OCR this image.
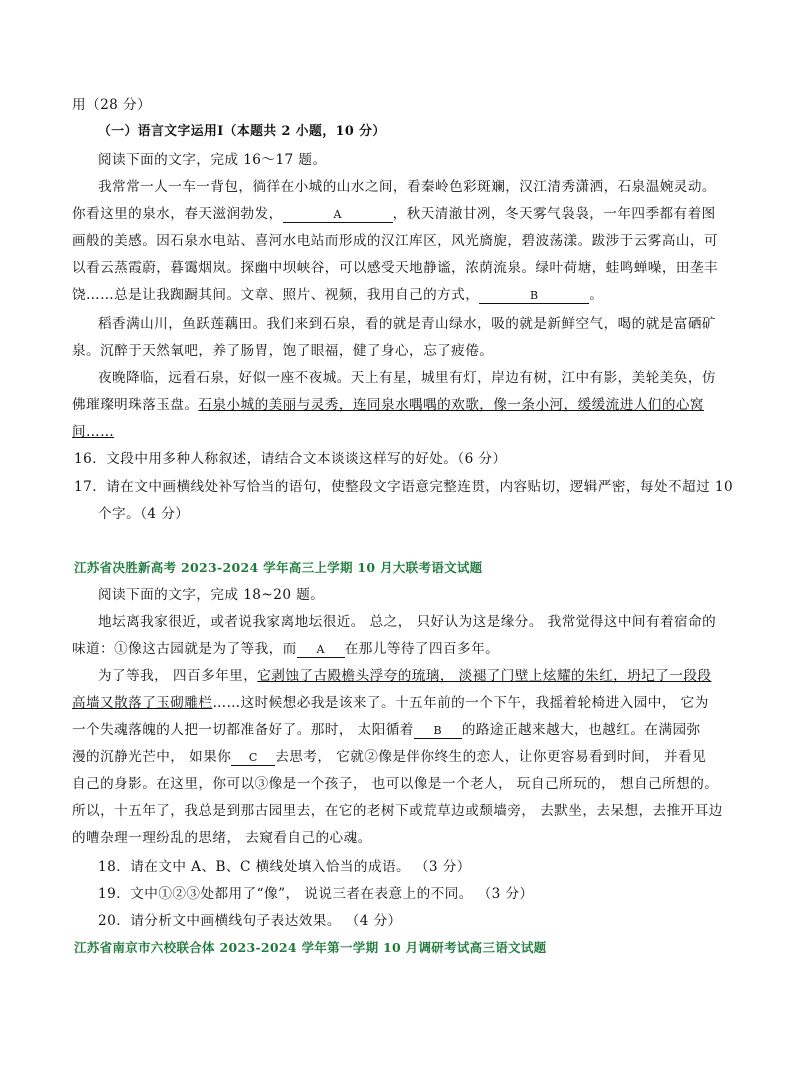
用（28 分）
（一）语言文字运用Ⅰ（本题共 2 小题，10 分）
阅读下面的文字，完成 16～17 题。
我常常一人一车一背包，徜徉在小城的山水之间，看秦岭色彩斑斓，汉江清秀潇洒，石泉温婉灵动。
你看这里的泉水，春天滋润勃发，	A	，秋天清澈甘冽，冬天雾气袅袅，一年四季都有着图
画般的美感。因石泉水电站、喜河水电站而形成的汉江库区，风光旖旎，碧波荡漾。跋涉于云雾高山，可
以看云蒸霞蔚，暮霭烟岚。探幽中坝峡谷，可以感受天地静谧，浓荫流泉。绿叶荷塘，蛙鸣蝉噪，田垄丰
饶……总是让我踟蹰其间。文章、照片、视频，我用自己的方式，	B	。
稻香满山川，鱼跃莲藕田。我们来到石泉，看的就是青山绿水，吸的就是新鲜空气，喝的就是富硒矿
泉。沉醉于天然氧吧，养了肠胃，饱了眼福，健了身心，忘了疲倦。
夜晚降临，远看石泉，好似一座不夜城。天上有星，城里有灯，岸边有树，江中有影，美轮美奂，仿
佛璀璨明珠落玉盘。石泉小城的美丽与灵秀，连同泉水喁喁的欢歌，像一条小河，缓缓流进人们的心窝
间……
16．文段中用多种人称叙述，请结合文本谈谈这样写的好处。（6 分）
17．请在文中画横线处补写恰当的语句，使整段文字语意完整连贯，内容贴切，逻辑严密，每处不超过 10
个字。（4 分）
江苏省决胜新高考 2023-2024 学年高三上学期 10 月大联考语文试题
阅读下面的文字，完成 18~20 题。
地坛离我家很近，或者说我家离地坛很近。 总之， 只好认为这是缘分。 我常觉得这中间有着宿命的
味道：①像这古园就是为了等我，而 A 在那儿等待了四百多年。
为了等我， 四百多年里，它剥蚀了古殿檐头浮夸的琉璃， 淡褪了门壁上炫耀的朱红，坍圮了一段段
高墙又散落了玉砌雕栏……这时候想必我是该来了。十五年前的一个下午，我摇着轮椅进入园中， 它为
一个失魂落魄的人把一切都准备好了。那时， 太阳循着 B 的路途正越来越大，也越红。在满园弥
漫的沉静光芒中， 如果你 C 去思考， 它就②像是伴你终生的恋人，让你更容易看到时间， 并看见
自己的身影。在这里，你可以③像是一个孩子， 也可以像是一个老人， 玩自己所玩的， 想自己所想的。
所以，十五年了，我总是到那古园里去，在它的老树下或荒草边或颓墙旁， 去默坐，去呆想，去推开耳边
的嘈杂理一理纷乱的思绪， 去窥看自己的心魂。
18．请在文中 A、B、C 横线处填入恰当的成语。 （3 分）
19．文中①②③处都用了“像”， 说说三者在表意上的不同。 （3 分）
20．请分析文中画横线句子表达效果。 （4 分）
江苏省南京市六校联合体 2023-2024 学年第一学期 10 月调研考试高三语文试题
